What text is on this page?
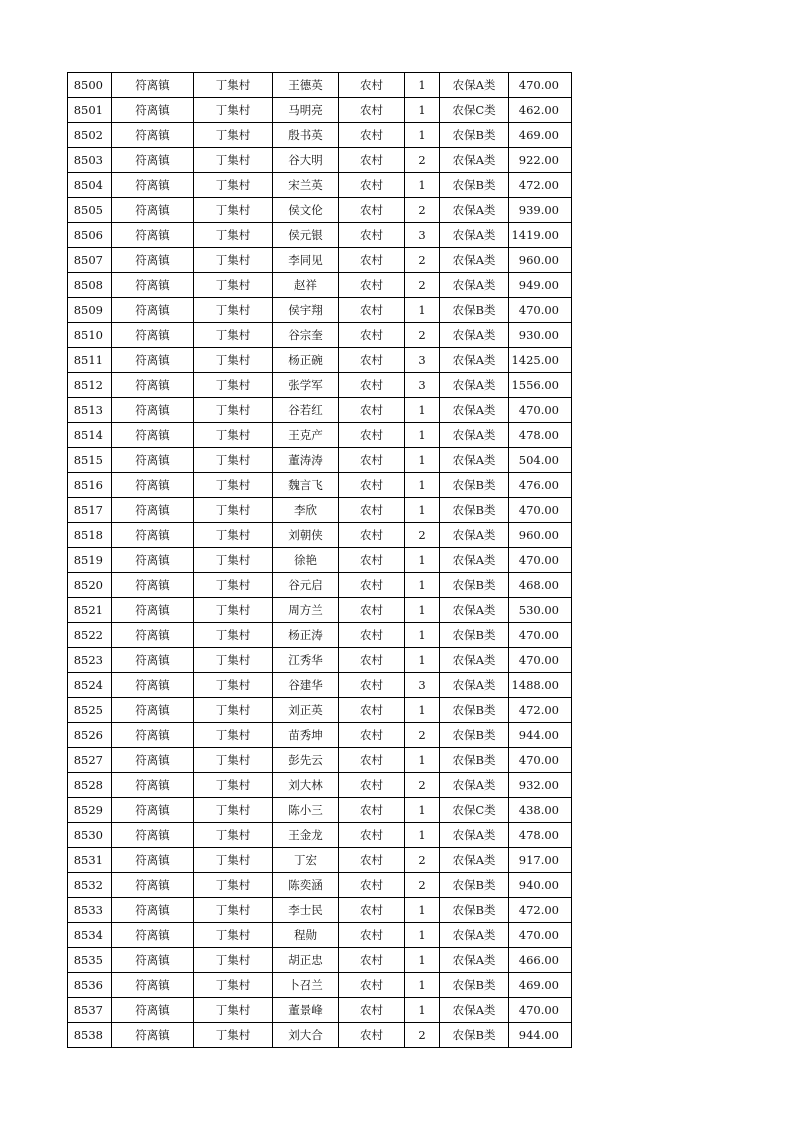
8500	符离镇	丁集村	王德英	农村	1	农保A类	470.00
8501	符离镇	丁集村	马明亮	农村	1	农保C类	462.00
8502	符离镇	丁集村	殷书英	农村	1	农保B类	469.00
8503	符离镇	丁集村	谷大明	农村	2	农保A类	922.00
8504	符离镇	丁集村	宋兰英	农村	1	农保B类	472.00
8505	符离镇	丁集村	侯文伦	农村	2	农保A类	939.00
8506	符离镇	丁集村	侯元银	农村	3	农保A类	1419.00
8507	符离镇	丁集村	李同见	农村	2	农保A类	960.00
8508	符离镇	丁集村	赵祥	农村	2	农保A类	949.00
8509	符离镇	丁集村	侯宇翔	农村	1	农保B类	470.00
8510	符离镇	丁集村	谷宗奎	农村	2	农保A类	930.00
8511	符离镇	丁集村	杨正碗	农村	3	农保A类	1425.00
8512	符离镇	丁集村	张学军	农村	3	农保A类	1556.00
8513	符离镇	丁集村	谷若红	农村	1	农保A类	470.00
8514	符离镇	丁集村	王克产	农村	1	农保A类	478.00
8515	符离镇	丁集村	董涛涛	农村	1	农保A类	504.00
8516	符离镇	丁集村	魏言飞	农村	1	农保B类	476.00
8517	符离镇	丁集村	李欣	农村	1	农保B类	470.00
8518	符离镇	丁集村	刘朝侠	农村	2	农保A类	960.00
8519	符离镇	丁集村	徐艳	农村	1	农保A类	470.00
8520	符离镇	丁集村	谷元启	农村	1	农保B类	468.00
8521	符离镇	丁集村	周方兰	农村	1	农保A类	530.00
8522	符离镇	丁集村	杨正涛	农村	1	农保B类	470.00
8523	符离镇	丁集村	江秀华	农村	1	农保A类	470.00
8524	符离镇	丁集村	谷建华	农村	3	农保A类	1488.00
8525	符离镇	丁集村	刘正英	农村	1	农保B类	472.00
8526	符离镇	丁集村	苗秀坤	农村	2	农保B类	944.00
8527	符离镇	丁集村	彭先云	农村	1	农保B类	470.00
8528	符离镇	丁集村	刘大林	农村	2	农保A类	932.00
8529	符离镇	丁集村	陈小三	农村	1	农保C类	438.00
8530	符离镇	丁集村	王金龙	农村	1	农保A类	478.00
8531	符离镇	丁集村	丁宏	农村	2	农保A类	917.00
8532	符离镇	丁集村	陈奕涵	农村	2	农保B类	940.00
8533	符离镇	丁集村	李士民	农村	1	农保B类	472.00
8534	符离镇	丁集村	程勋	农村	1	农保A类	470.00
8535	符离镇	丁集村	胡正忠	农村	1	农保A类	466.00
8536	符离镇	丁集村	卜召兰	农村	1	农保B类	469.00
8537	符离镇	丁集村	董景峰	农村	1	农保A类	470.00
8538	符离镇	丁集村	刘大合	农村	2	农保B类	944.00
